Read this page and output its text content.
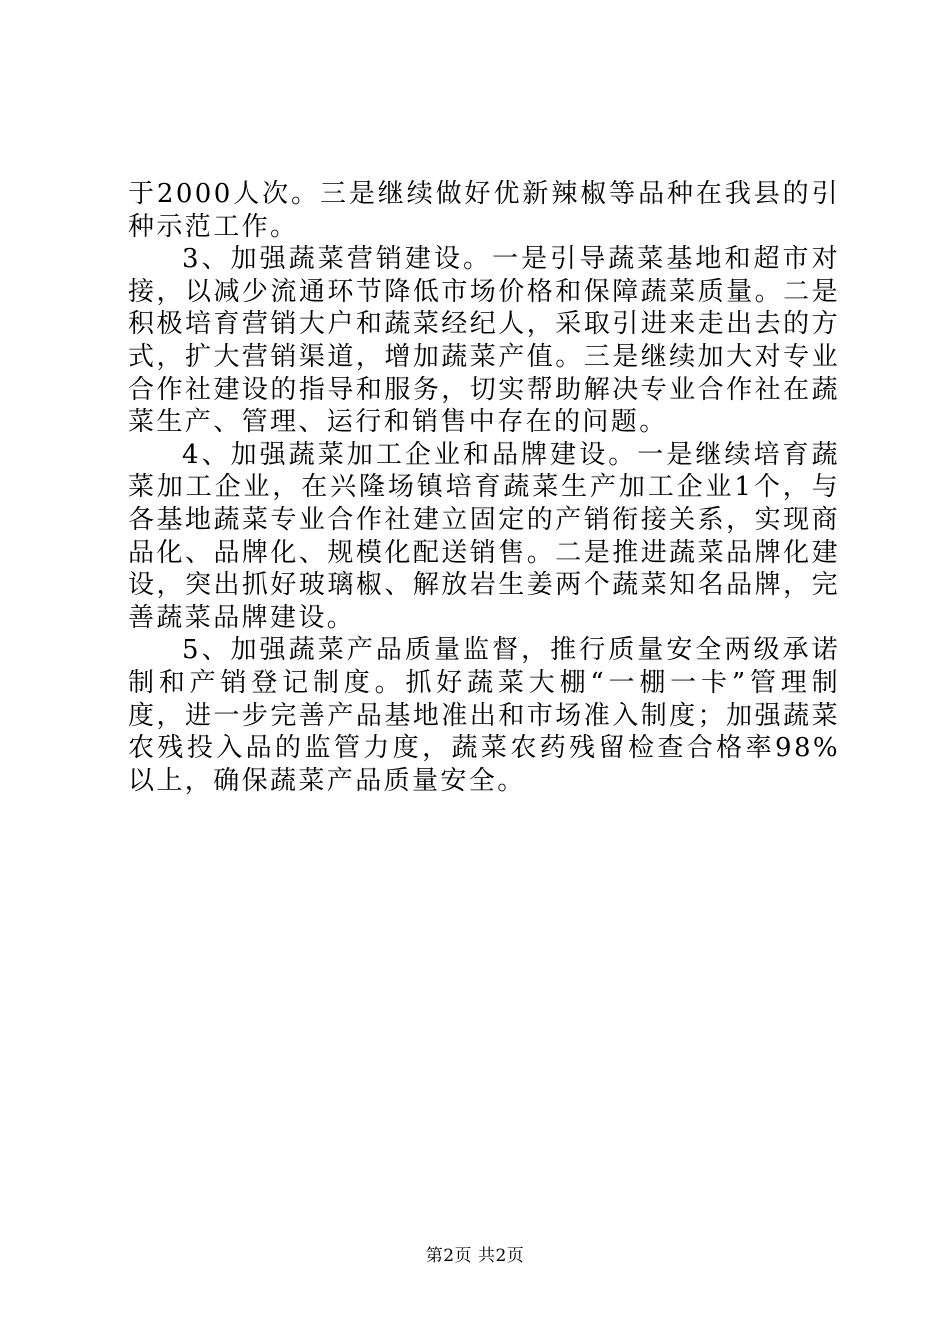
于2000人次。三是继续做好优新辣椒等品种在我县的引种示范工作。

3、加强蔬菜营销建设。一是引导蔬菜基地和超市对接，以减少流通环节降低市场价格和保障蔬菜质量。二是积极培育营销大户和蔬菜经纪人，采取引进来走出去的方式，扩大营销渠道，增加蔬菜产值。三是继续加大对专业合作社建设的指导和服务，切实帮助解决专业合作社在蔬菜生产、管理、运行和销售中存在的问题。

4、加强蔬菜加工企业和品牌建设。一是继续培育蔬菜加工企业，在兴隆场镇培育蔬菜生产加工企业1个，与各基地蔬菜专业合作社建立固定的产销衔接关系，实现商品化、品牌化、规模化配送销售。二是推进蔬菜品牌化建设，突出抓好玻璃椒、解放岩生姜两个蔬菜知名品牌，完善蔬菜品牌建设。

5、加强蔬菜产品质量监督，推行质量安全两级承诺制和产销登记制度。抓好蔬菜大棚“一棚一卡”管理制度，进一步完善产品基地准出和市场准入制度；加强蔬菜农残投入品的监管力度，蔬菜农药残留检查合格率98%以上，确保蔬菜产品质量安全。

第2页 共2页
